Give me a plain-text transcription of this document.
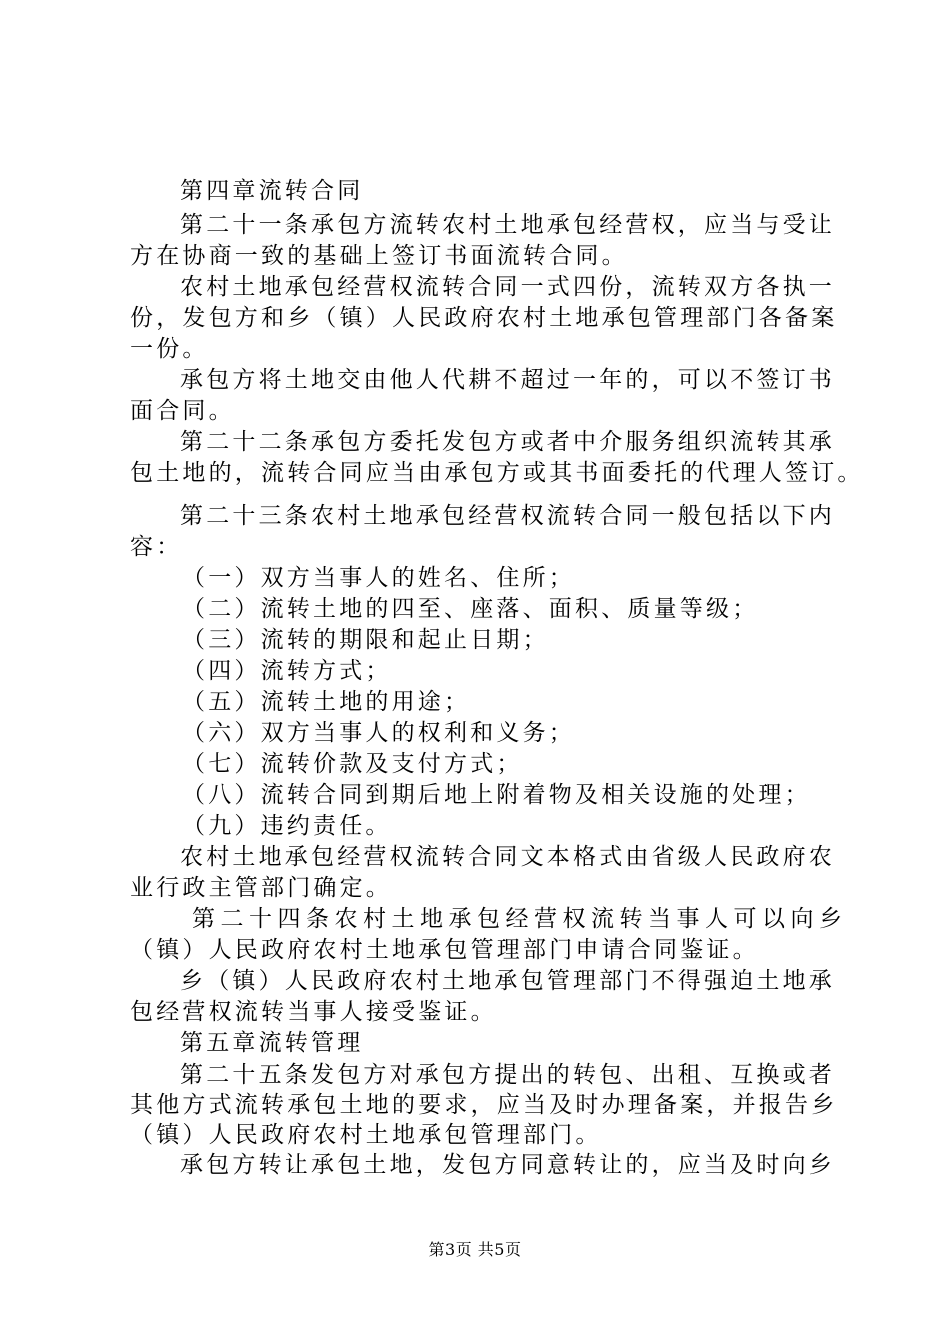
第四章流转合同
第二十一条承包方流转农村土地承包经营权，应当与受让
方在协商一致的基础上签订书面流转合同。
农村土地承包经营权流转合同一式四份，流转双方各执一
份，发包方和乡（镇）人民政府农村土地承包管理部门各备案
一份。
承包方将土地交由他人代耕不超过一年的，可以不签订书
面合同。
第二十二条承包方委托发包方或者中介服务组织流转其承
包土地的，流转合同应当由承包方或其书面委托的代理人签订。
第二十三条农村土地承包经营权流转合同一般包括以下内
容：
（一）双方当事人的姓名、住所；
（二）流转土地的四至、座落、面积、质量等级；
（三）流转的期限和起止日期；
（四）流转方式；
（五）流转土地的用途；
（六）双方当事人的权利和义务；
（七）流转价款及支付方式；
（八）流转合同到期后地上附着物及相关设施的处理；
（九）违约责任。
农村土地承包经营权流转合同文本格式由省级人民政府农
业行政主管部门确定。
第二十四条农村土地承包经营权流转当事人可以向乡
（镇）人民政府农村土地承包管理部门申请合同鉴证。
乡（镇）人民政府农村土地承包管理部门不得强迫土地承
包经营权流转当事人接受鉴证。
第五章流转管理
第二十五条发包方对承包方提出的转包、出租、互换或者
其他方式流转承包土地的要求，应当及时办理备案，并报告乡
（镇）人民政府农村土地承包管理部门。
承包方转让承包土地，发包方同意转让的，应当及时向乡
第3页 共5页
